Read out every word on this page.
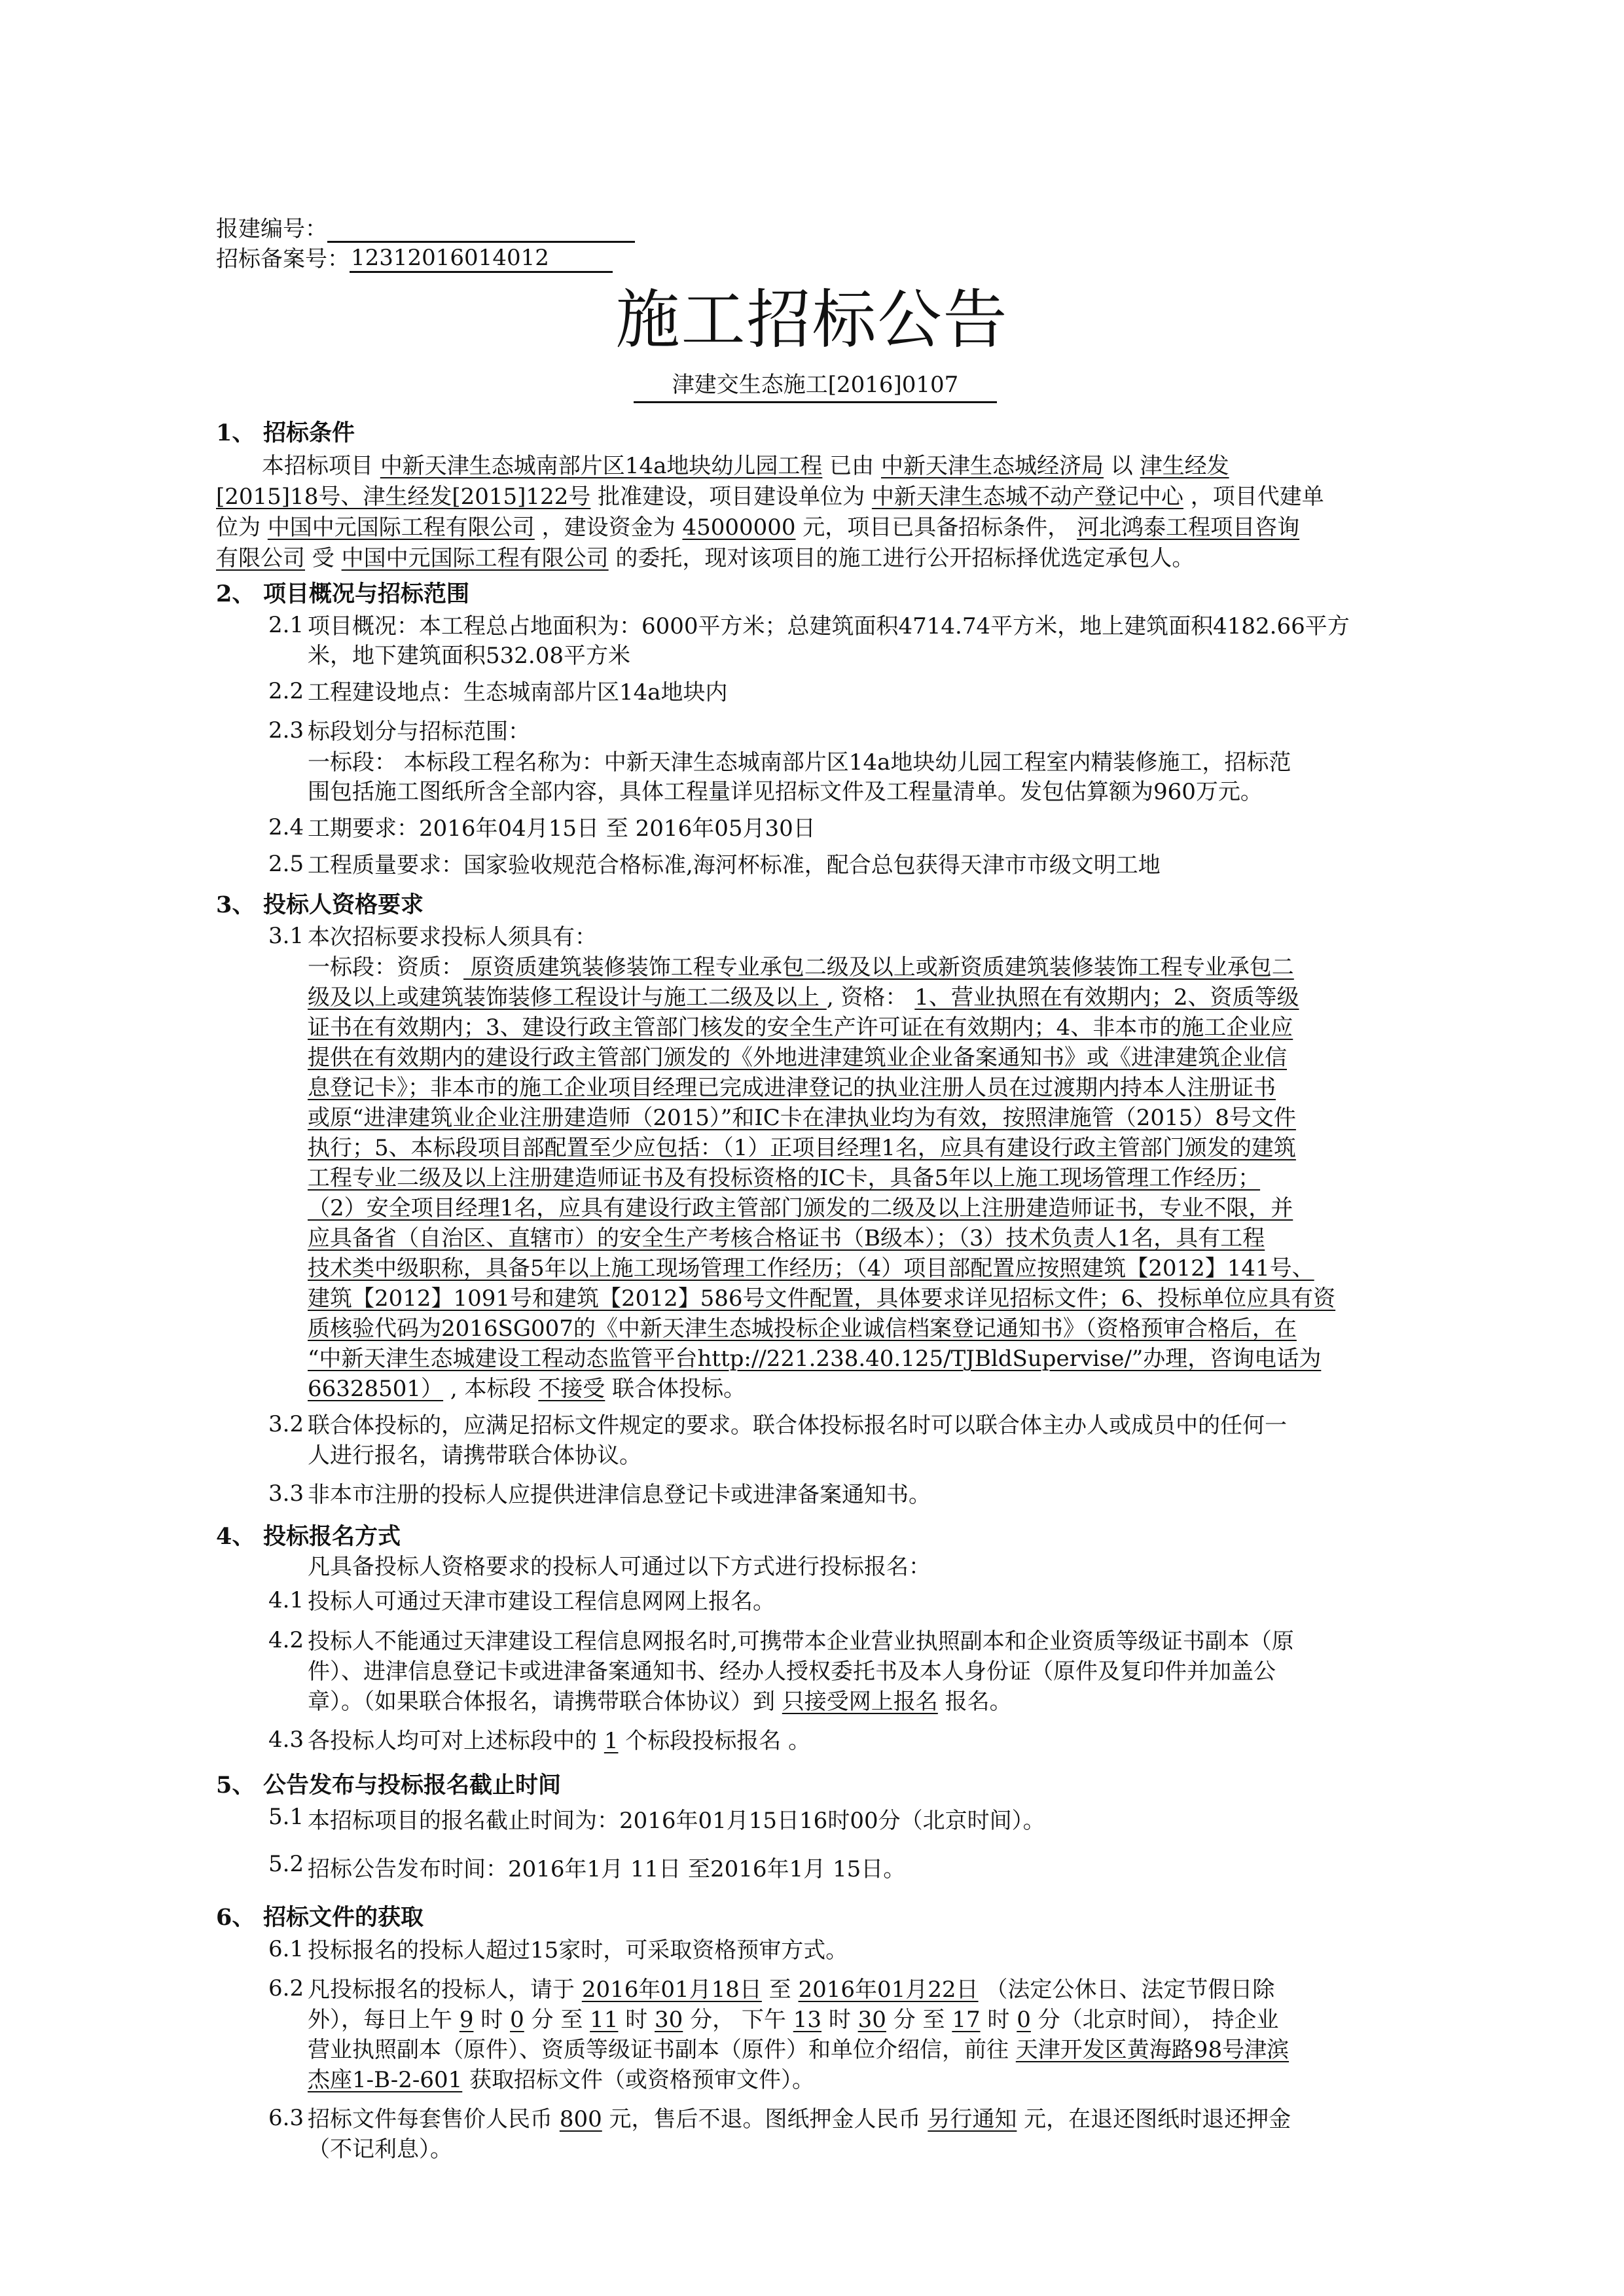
报建编号：
招标备案号：12312016014012
施工招标公告
津建交生态施工[2016]0107
1、 招标条件
本招标项目 中新天津生态城南部片区14a地块幼儿园工程 已由 中新天津生态城经济局 以 津生经发
[2015]18号、津生经发[2015]122号 批准建设，项目建设单位为 中新天津生态城不动产登记中心 ，项目代建单
位为 中国中元国际工程有限公司 ，建设资金为 45000000 元，项目已具备招标条件， 河北鸿泰工程项目咨询
有限公司 受 中国中元国际工程有限公司 的委托，现对该项目的施工进行公开招标择优选定承包人。
2、 项目概况与招标范围
2.1 项目概况：本工程总占地面积为：6000平方米；总建筑面积4714.74平方米，地上建筑面积4182.66平方
米，地下建筑面积532.08平方米
2.2 工程建设地点：生态城南部片区14a地块内
2.3 标段划分与招标范围：
一标段： 本标段工程名称为：中新天津生态城南部片区14a地块幼儿园工程室内精装修施工，招标范
围包括施工图纸所含全部内容，具体工程量详见招标文件及工程量清单。发包估算额为960万元。
2.4 工期要求：2016年04月15日 至 2016年05月30日
2.5 工程质量要求：国家验收规范合格标准,海河杯标准，配合总包获得天津市市级文明工地
3、 投标人资格要求
3.1 本次招标要求投标人须具有：
一标段：资质： 原资质建筑装修装饰工程专业承包二级及以上或新资质建筑装修装饰工程专业承包二
级及以上或建筑装饰装修工程设计与施工二级及以上 , 资格： 1、营业执照在有效期内；2、资质等级
证书在有效期内；3、建设行政主管部门核发的安全生产许可证在有效期内；4、非本市的施工企业应
提供在有效期内的建设行政主管部门颁发的《外地进津建筑业企业备案通知书》或《进津建筑企业信
息登记卡》；非本市的施工企业项目经理已完成进津登记的执业注册人员在过渡期内持本人注册证书
或原“进津建筑业企业注册建造师（2015）”和IC卡在津执业均为有效，按照津施管（2015）8号文件
执行；5、本标段项目部配置至少应包括：（1）正项目经理1名，应具有建设行政主管部门颁发的建筑
工程专业二级及以上注册建造师证书及有投标资格的IC卡，具备5年以上施工现场管理工作经历；
（2）安全项目经理1名，应具有建设行政主管部门颁发的二级及以上注册建造师证书，专业不限，并
应具备省（自治区、直辖市）的安全生产考核合格证书（B级本）；（3）技术负责人1名，具有工程
技术类中级职称，具备5年以上施工现场管理工作经历；（4）项目部配置应按照建筑【2012】141号、
建筑【2012】1091号和建筑【2012】586号文件配置，具体要求详见招标文件；6、投标单位应具有资
质核验代码为2016SG007的《中新天津生态城投标企业诚信档案登记通知书》（资格预审合格后，在
“中新天津生态城建设工程动态监管平台http://221.238.40.125/TJBldSupervise/”办理，咨询电话为
66328501） , 本标段 不接受 联合体投标。
3.2 联合体投标的，应满足招标文件规定的要求。联合体投标报名时可以联合体主办人或成员中的任何一
人进行报名，请携带联合体协议。
3.3 非本市注册的投标人应提供进津信息登记卡或进津备案通知书。
4、 投标报名方式
凡具备投标人资格要求的投标人可通过以下方式进行投标报名：
4.1 投标人可通过天津市建设工程信息网网上报名。
4.2 投标人不能通过天津建设工程信息网报名时,可携带本企业营业执照副本和企业资质等级证书副本（原
件）、进津信息登记卡或进津备案通知书、经办人授权委托书及本人身份证（原件及复印件并加盖公
章）。（如果联合体报名，请携带联合体协议）到 只接受网上报名 报名。
4.3 各投标人均可对上述标段中的 1 个标段投标报名 。
5、 公告发布与投标报名截止时间
5.1 本招标项目的报名截止时间为：2016年01月15日16时00分（北京时间）。
5.2 招标公告发布时间：2016年1月 11日 至2016年1月 15日。
6、 招标文件的获取
6.1 投标报名的投标人超过15家时，可采取资格预审方式。
6.2 凡投标报名的投标人，请于 2016年01月18日 至 2016年01月22日 （法定公休日、法定节假日除
外），每日上午 9 时 0 分 至 11 时 30 分， 下午 13 时 30 分 至 17 时 0 分（北京时间）， 持企业
营业执照副本（原件）、资质等级证书副本（原件）和单位介绍信，前往 天津开发区黄海路98号津滨
杰座1-B-2-601 获取招标文件（或资格预审文件）。
6.3 招标文件每套售价人民币 800 元，售后不退。图纸押金人民币 另行通知 元，在退还图纸时退还押金
（不记利息）。
